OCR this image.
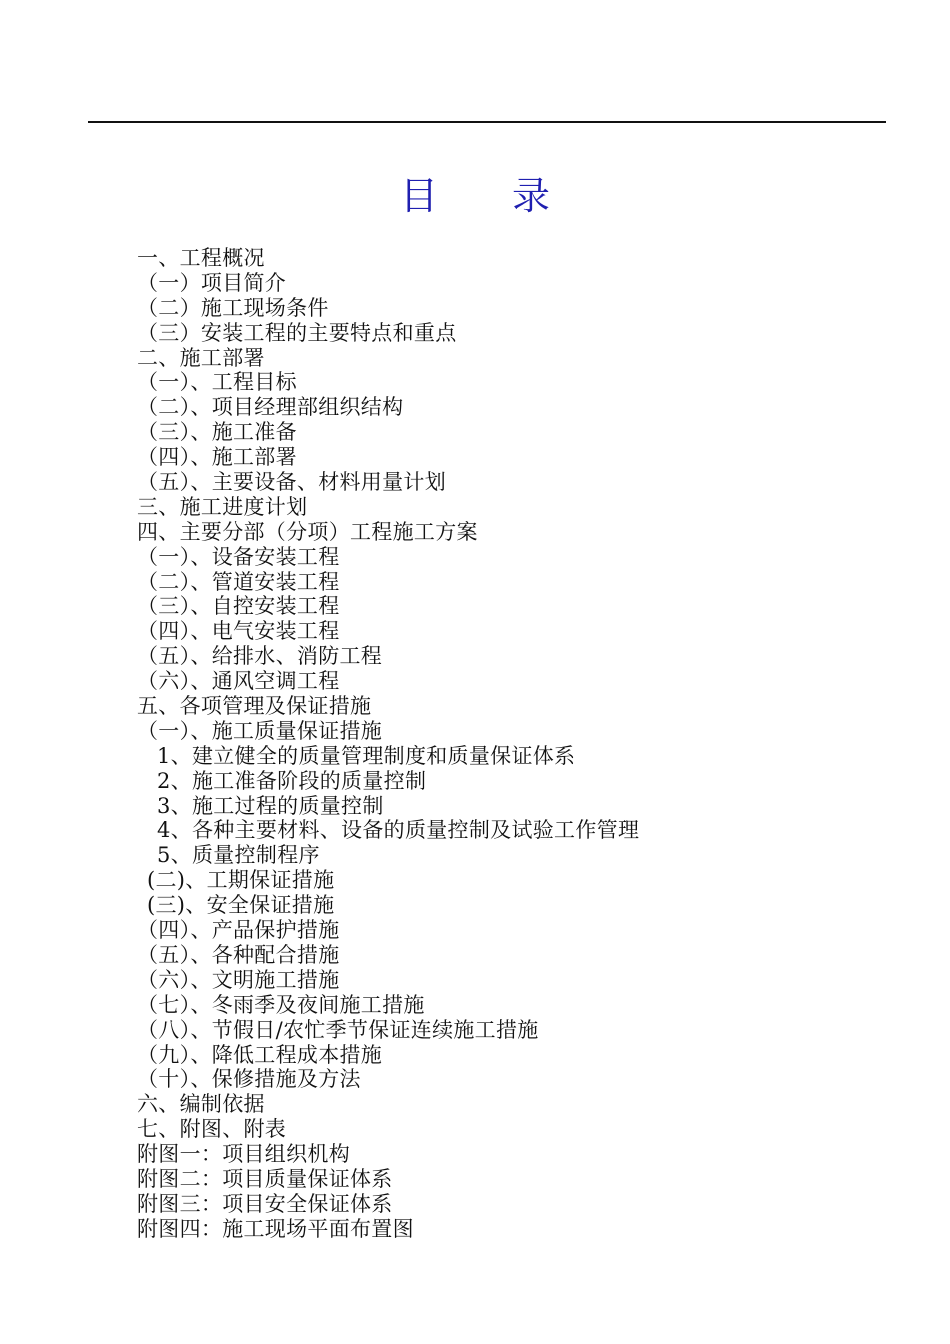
目 录
一、工程概况
（一）项目简介
（二）施工现场条件
（三）安装工程的主要特点和重点
二、施工部署
（一）、工程目标
（二）、项目经理部组织结构
（三）、施工准备
（四）、施工部署
（五）、主要设备、材料用量计划
三、施工进度计划
四、主要分部（分项）工程施工方案
（一）、设备安装工程
（二）、管道安装工程
（三）、自控安装工程
（四）、电气安装工程
（五）、给排水、消防工程
（六）、通风空调工程
五、各项管理及保证措施
（一）、施工质量保证措施
1、建立健全的质量管理制度和质量保证体系
2、施工准备阶段的质量控制
3、施工过程的质量控制
4、各种主要材料、设备的质量控制及试验工作管理
5、质量控制程序
(二)、工期保证措施
(三)、安全保证措施
（四）、产品保护措施
（五）、各种配合措施
（六）、文明施工措施
（七）、冬雨季及夜间施工措施
（八）、节假日/农忙季节保证连续施工措施
（九）、降低工程成本措施
（十）、保修措施及方法
六、编制依据
七、附图、附表
附图一：项目组织机构
附图二：项目质量保证体系
附图三：项目安全保证体系
附图四：施工现场平面布置图
